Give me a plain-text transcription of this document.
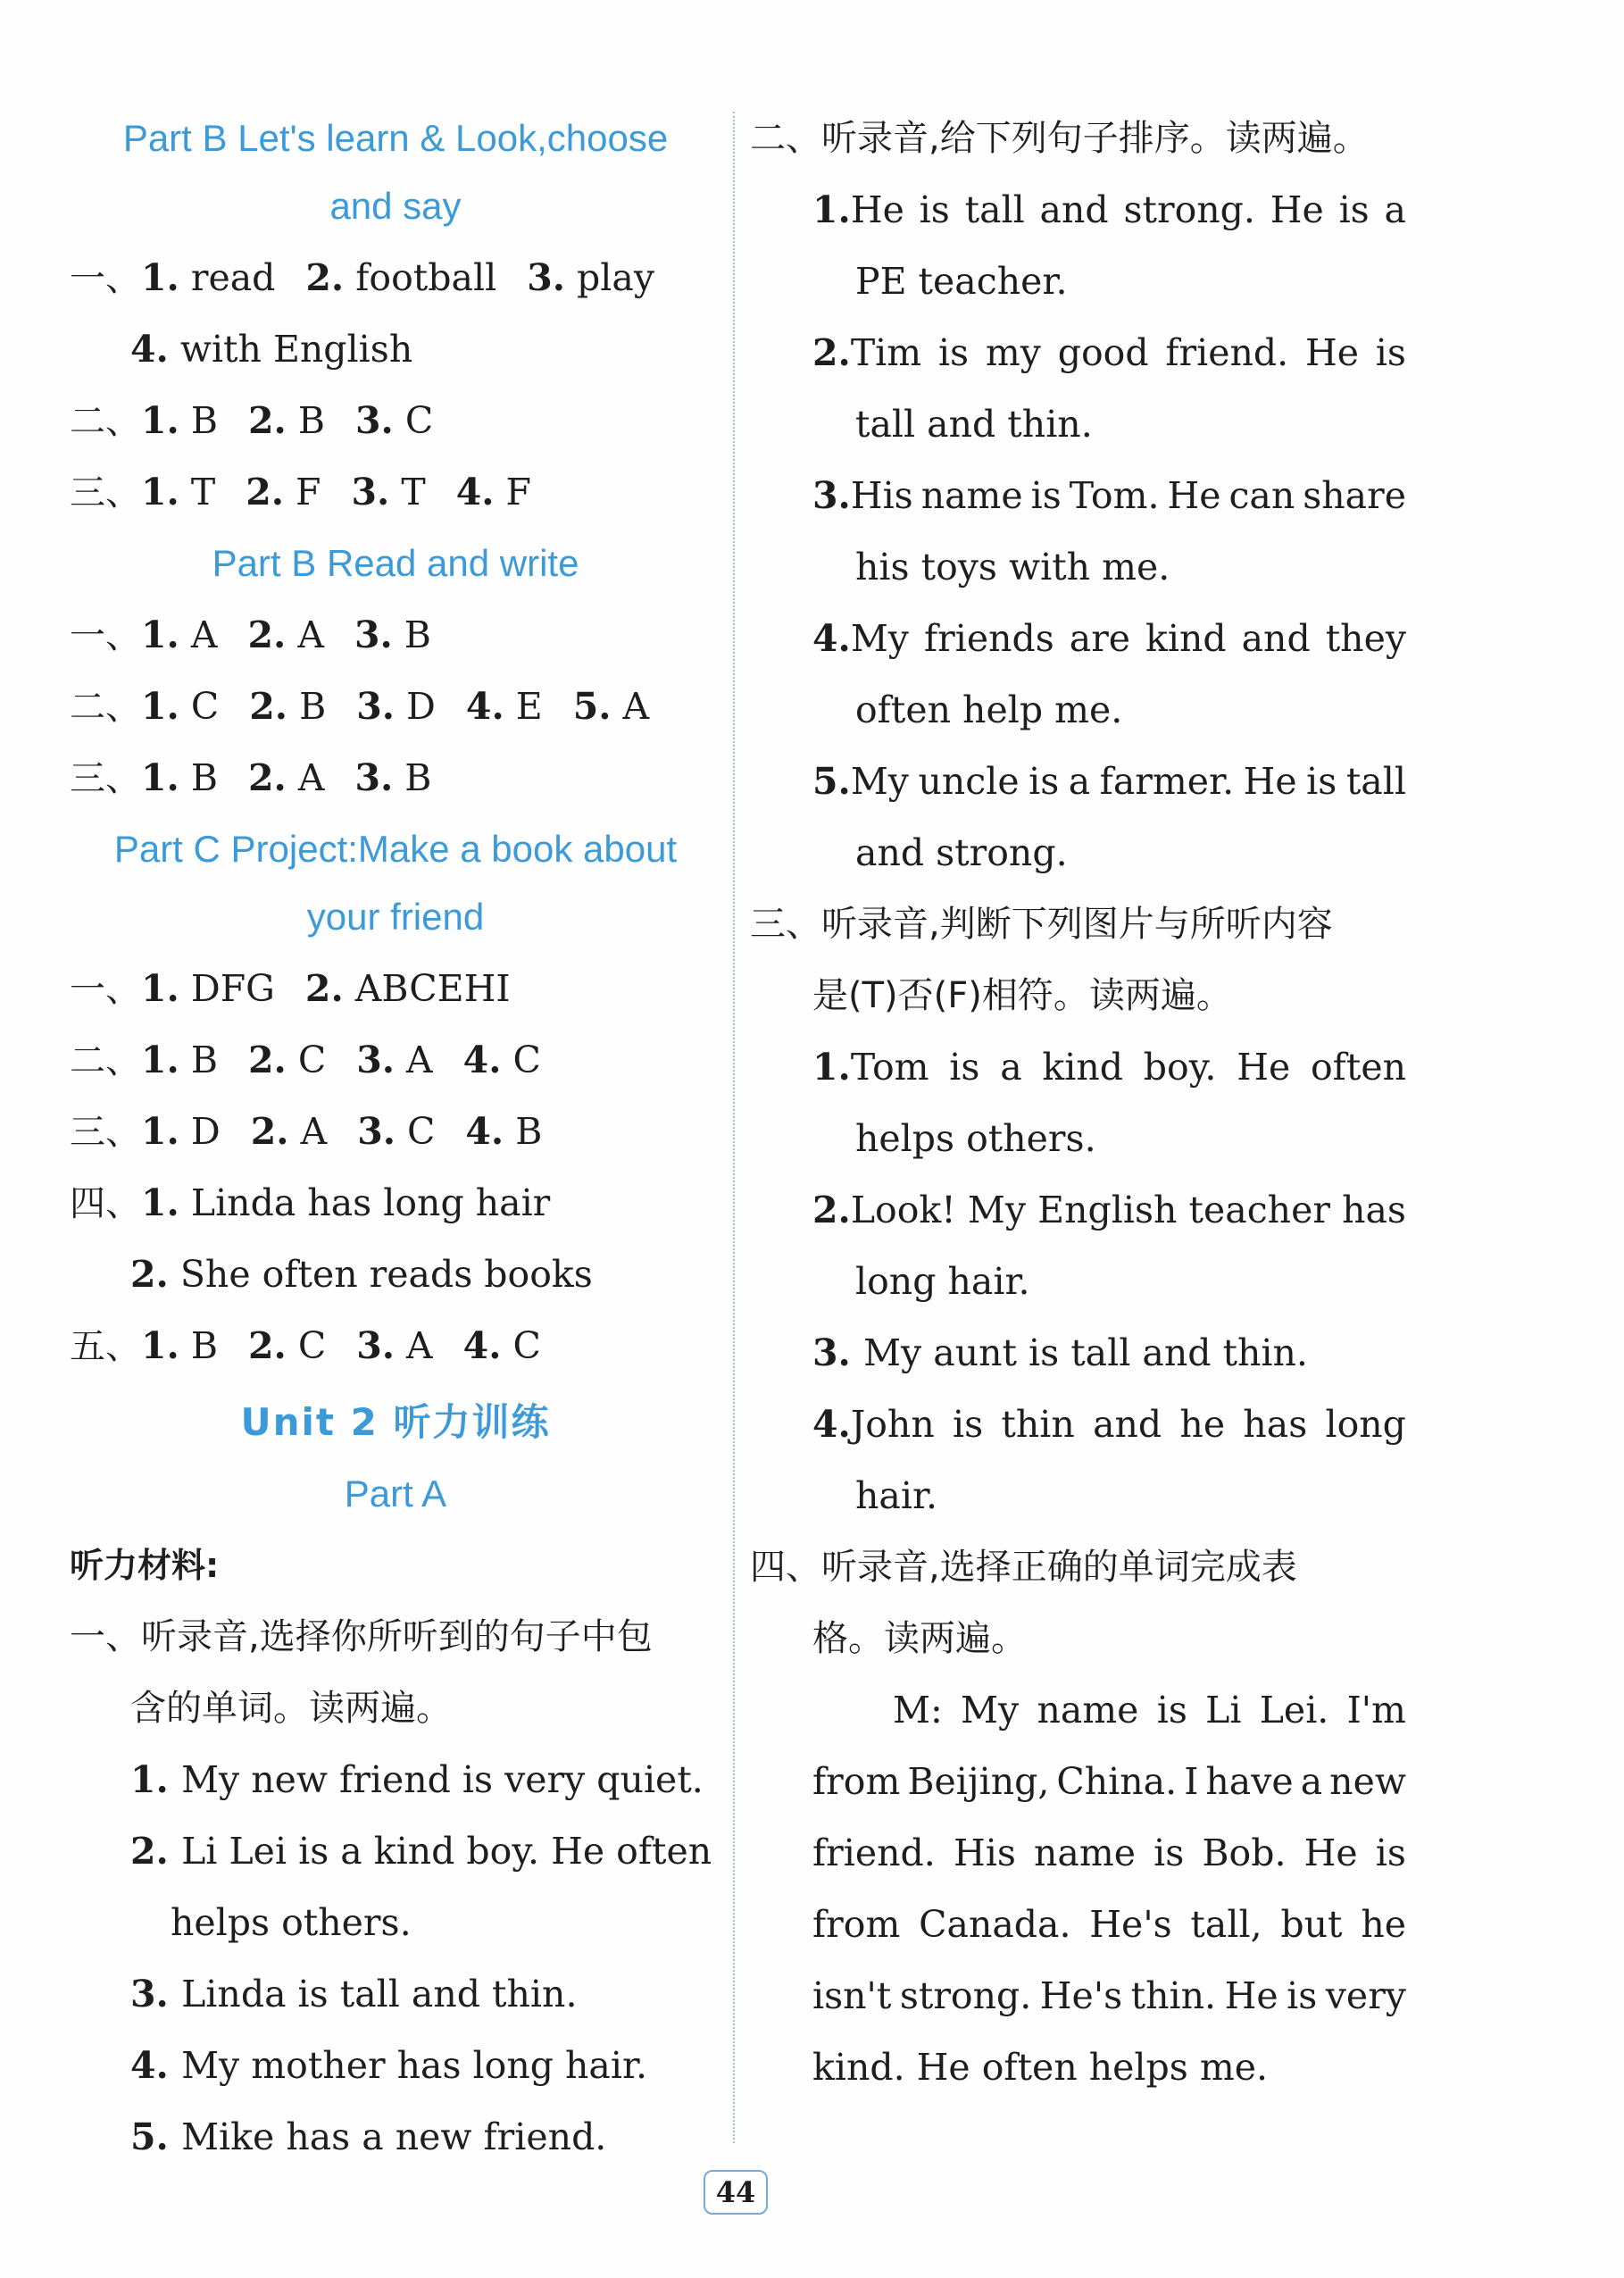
Part B Let's learn & Look,choose
and say
一、1. read 2. football 3. play
4. with English
二、1. B 2. B 3. C
三、1. T 2. F 3. T 4. F
Part B Read and write
一、1. A 2. A 3. B
二、1. C 2. B 3. D 4. E 5. A
三、1. B 2. A 3. B
Part C Project:Make a book about
your friend
一、1. DFG 2. ABCEHI
二、1. B 2. C 3. A 4. C
三、1. D 2. A 3. C 4. B
四、1. Linda has long hair
2. She often reads books
五、1. B 2. C 3. A 4. C
Unit 2 听力训练
Part A
听力材料:
一、听录音,选择你所听到的句子中包
含的单词。读两遍。
1. My new friend is very quiet.
2. Li Lei is a kind boy. He often
helps others.
3. Linda is tall and thin.
4. My mother has long hair.
5. Mike has a new friend.
二、听录音,给下列句子排序。读两遍。
1.He is tall and strong. He is a
PE teacher.
2.Tim is my good friend. He is
tall and thin.
3.His name is Tom. He can share
his toys with me.
4.My friends are kind and they
often help me.
5.My uncle is a farmer. He is tall
and strong.
三、听录音,判断下列图片与所听内容
是(T)否(F)相符。读两遍。
1.Tom is a kind boy. He often
helps others.
2.Look! My English teacher has
long hair.
3. My aunt is tall and thin.
4.John is thin and he has long
hair.
四、听录音,选择正确的单词完成表
格。读两遍。
M: My name is Li Lei. I'm
from Beijing, China. I have a new
friend. His name is Bob. He is
from Canada. He's tall, but he
isn't strong. He's thin. He is very
kind. He often helps me.
44
